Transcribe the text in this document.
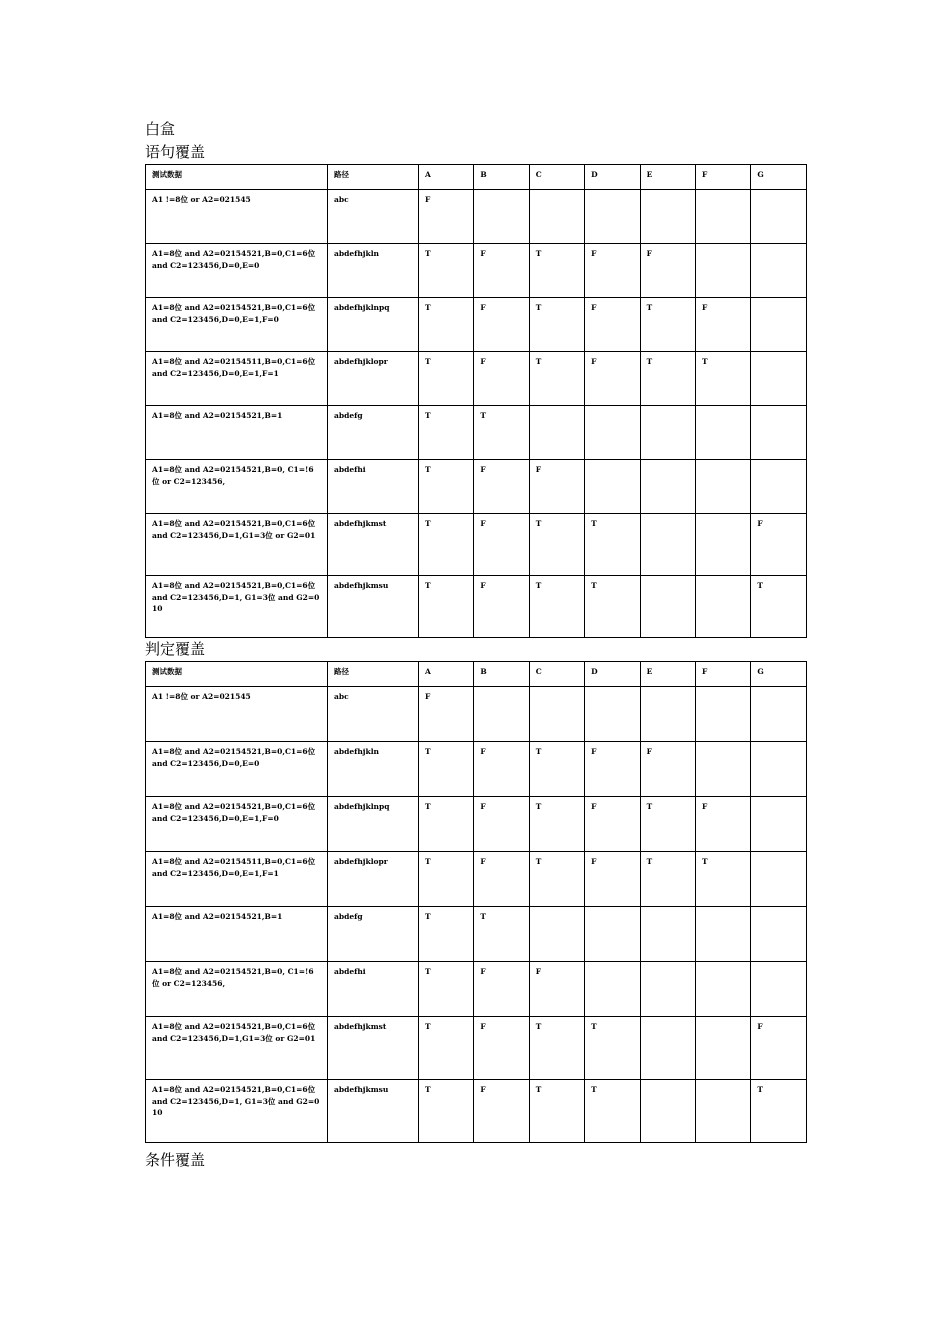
白盒
语句覆盖
测试数据	路径	A	B	C	D	E	F	G
A1 !=8位 or A2=021545	abc	F						
A1=8位 and A2=02154521,B=0,C1=6位 and C2=123456,D=0,E=0	abdefhjkln	T	F	T	F	F		
A1=8位 and A2=02154521,B=0,C1=6位 and C2=123456,D=0,E=1,F=0	abdefhjklnpq	T	F	T	F	T	F	
A1=8位 and A2=02154511,B=0,C1=6位 and C2=123456,D=0,E=1,F=1	abdefhjklopr	T	F	T	F	T	T	
A1=8位 and A2=02154521,B=1	abdefg	T	T					
A1=8位 and A2=02154521,B=0, C1=!6位 or C2=123456,	abdefhi	T	F	F				
A1=8位 and A2=02154521,B=0,C1=6位 and C2=123456,D=1,G1=3位 or G2=01	abdefhjkmst	T	F	T	T			F
A1=8位 and A2=02154521,B=0,C1=6位 and C2=123456,D=1, G1=3位 and G2=010	abdefhjkmsu	T	F	T	T			T
判定覆盖
测试数据	路径	A	B	C	D	E	F	G
A1 !=8位 or A2=021545	abc	F						
A1=8位 and A2=02154521,B=0,C1=6位 and C2=123456,D=0,E=0	abdefhjkln	T	F	T	F	F		
A1=8位 and A2=02154521,B=0,C1=6位 and C2=123456,D=0,E=1,F=0	abdefhjklnpq	T	F	T	F	T	F	
A1=8位 and A2=02154511,B=0,C1=6位 and C2=123456,D=0,E=1,F=1	abdefhjklopr	T	F	T	F	T	T	
A1=8位 and A2=02154521,B=1	abdefg	T	T					
A1=8位 and A2=02154521,B=0, C1=!6位 or C2=123456,	abdefhi	T	F	F				
A1=8位 and A2=02154521,B=0,C1=6位 and C2=123456,D=1,G1=3位 or G2=01	abdefhjkmst	T	F	T	T			F
A1=8位 and A2=02154521,B=0,C1=6位 and C2=123456,D=1, G1=3位 and G2=010	abdefhjkmsu	T	F	T	T			T
条件覆盖
